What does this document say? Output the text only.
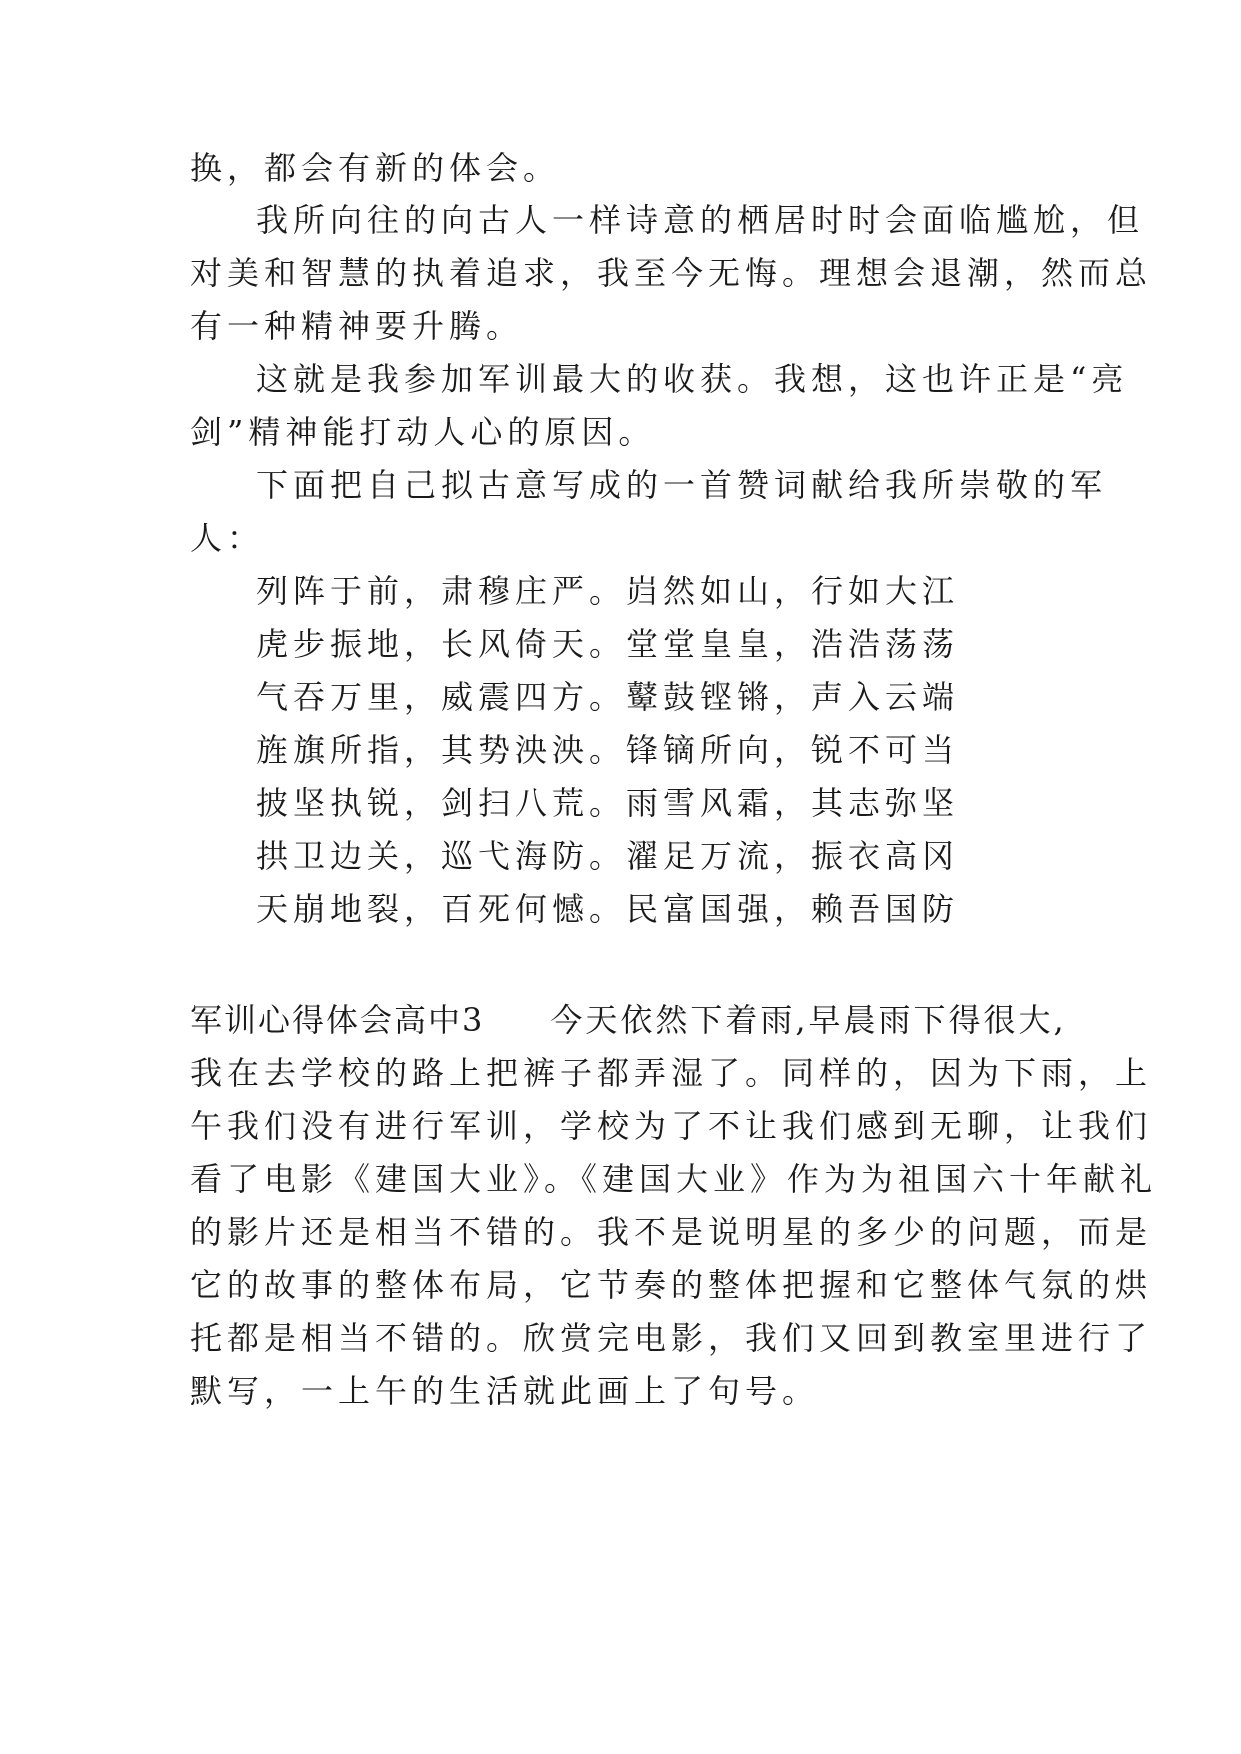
换，都会有新的体会。
我所向往的向古人一样诗意的栖居时时会面临尴尬，但
对美和智慧的执着追求，我至今无悔。理想会退潮，然而总
有一种精神要升腾。
这就是我参加军训最大的收获。我想，这也许正是“亮
剑”精神能打动人心的原因。
下面把自己拟古意写成的一首赞词献给我所崇敬的军
人：
列阵于前，肃穆庄严。岿然如山，行如大江
虎步振地，长风倚天。堂堂皇皇，浩浩荡荡
气吞万里，威震四方。鼙鼓铿锵，声入云端
旌旗所指，其势泱泱。锋镝所向，锐不可当
披坚执锐，剑扫八荒。雨雪风霜，其志弥坚
拱卫边关，巡弋海防。濯足万流，振衣高冈
天崩地裂，百死何憾。民富国强，赖吾国防
军训心得体会高中3 今天依然下着雨,早晨雨下得很大,
我在去学校的路上把裤子都弄湿了。同样的，因为下雨，上
午我们没有进行军训，学校为了不让我们感到无聊，让我们
看了电影《建国大业》。《建国大业》作为为祖国六十年献礼
的影片还是相当不错的。我不是说明星的多少的问题，而是
它的故事的整体布局，它节奏的整体把握和它整体气氛的烘
托都是相当不错的。欣赏完电影，我们又回到教室里进行了
默写，一上午的生活就此画上了句号。
